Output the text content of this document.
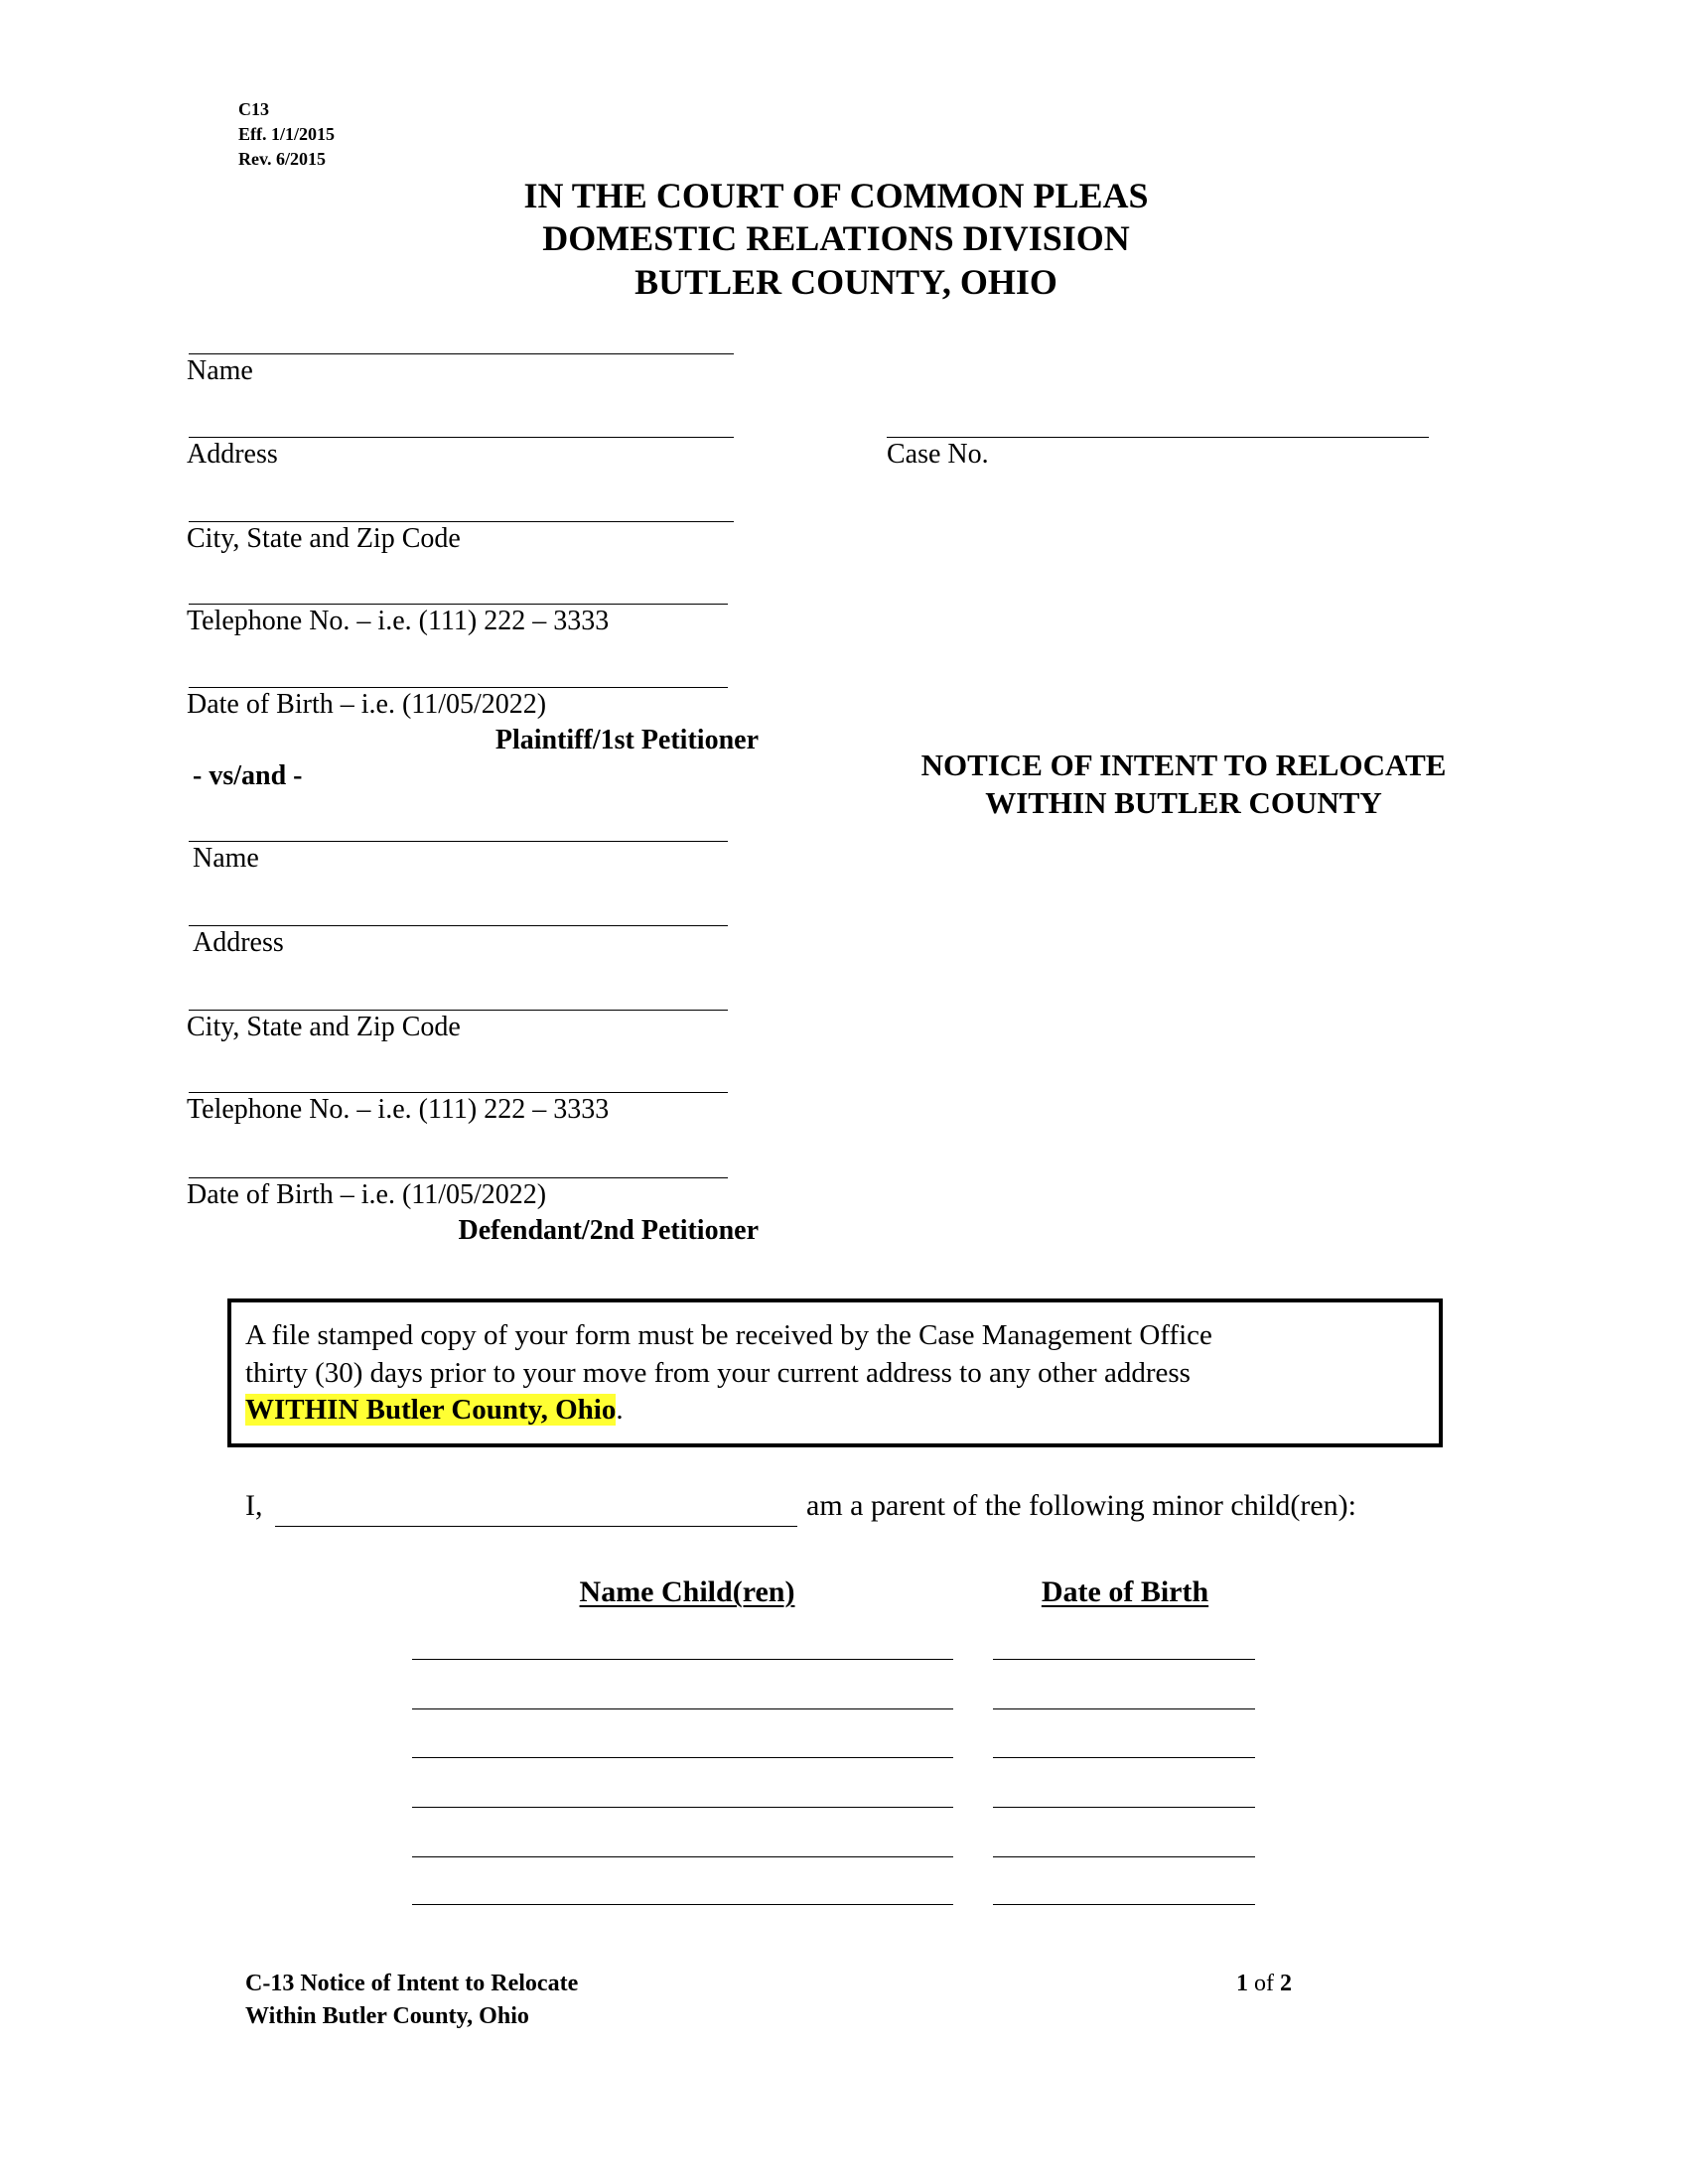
C13
Eff. 1/1/2015
Rev. 6/2015
IN THE COURT OF COMMON PLEAS
DOMESTIC RELATIONS DIVISION
BUTLER COUNTY, OHIO
Name
Address
City, State and Zip Code
Telephone No. – i.e. (111) 222 – 3333
Date of Birth – i.e. (11/05/2022)
Plaintiff/1st Petitioner
- vs/and -
Name
Address
City, State and Zip Code
Telephone No. – i.e. (111) 222 – 3333
Date of Birth – i.e. (11/05/2022)
Defendant/2nd Petitioner
Case No.
NOTICE OF INTENT TO RELOCATE
WITHIN BUTLER COUNTY
A file stamped copy of your form must be received by the Case Management Office
thirty (30) days prior to your move from your current address to any other address
WITHIN Butler County, Ohio.
I,	am a parent of the following minor child(ren):
Name Child(ren)	Date of Birth
C-13 Notice of Intent to Relocate
Within Butler County, Ohio
1 of 2
